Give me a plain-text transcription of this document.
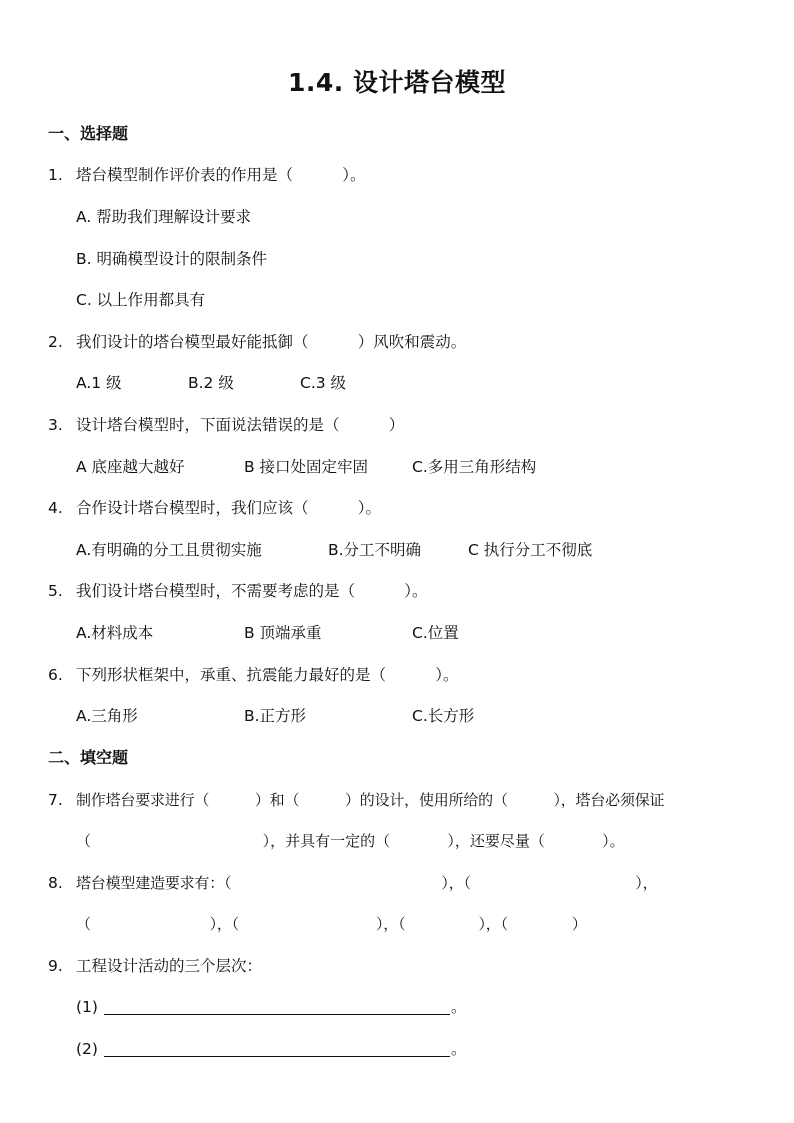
1.4. 设计塔台模型
一、选择题
1. 塔台模型制作评价表的作用是（          ）。
A. 帮助我们理解设计要求
B. 明确模型设计的限制条件
C. 以上作用都具有
2. 我们设计的塔台模型最好能抵御（          ）风吹和震动。
A.1 级	B.2 级	C.3 级
3. 设计塔台模型时，下面说法错误的是（          ）
A 底座越大越好	B 接口处固定牢固	C.多用三角形结构
4. 合作设计塔台模型时，我们应该（          ）。
A.有明确的分工且贯彻实施	B.分工不明确	C 执行分工不彻底
5. 我们设计塔台模型时，不需要考虑的是（          ）。
A.材料成本	B 顶端承重	C.位置
6. 下列形状框架中，承重、抗震能力最好的是（          ）。
A.三角形	B.正方形	C.长方形
二、填空题
7. 制作塔台要求进行（          ）和（          ）的设计，使用所给的（          ），塔台必须保证
（                                    ），并具有一定的（            ），还要尽量（            ）。
8. 塔台模型建造要求有：（                                              ），（                                    ），
（                          ），（                              ），（                ），（              ）
9. 工程设计活动的三个层次：
(1)	。
(2)	。
